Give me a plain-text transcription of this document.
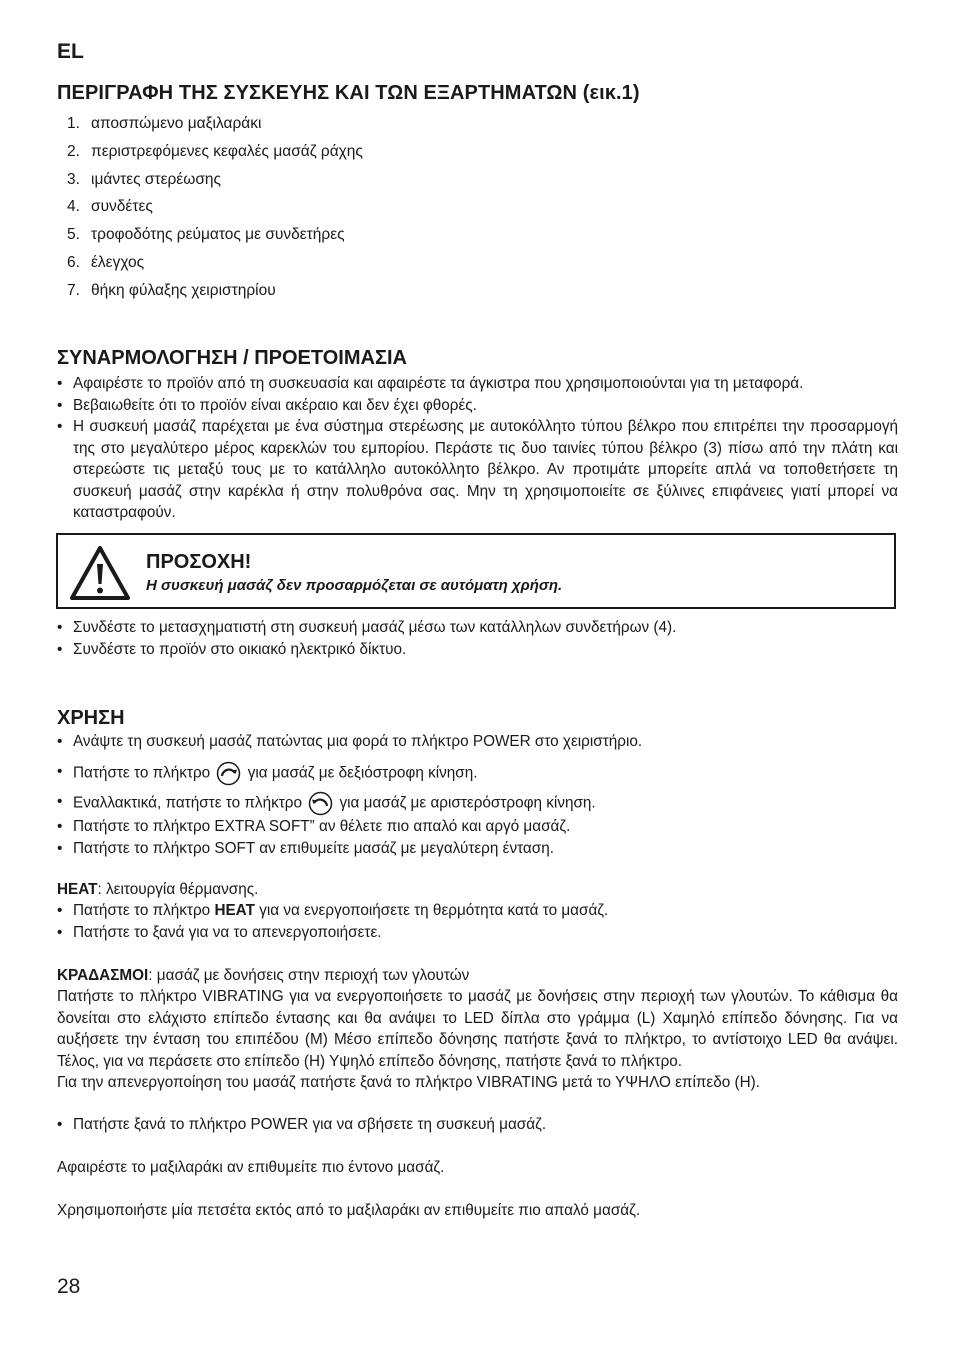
EL
ΠΕΡΙΓΡΑΦΗ ΤΗΣ ΣΥΣΚΕΥΗΣ ΚΑΙ ΤΩΝ ΕΞΑΡΤΗΜΑΤΩΝ (εικ.1)
1. αποσπώμενο μαξιλαράκι
2. περιστρεφόμενες κεφαλές μασάζ ράχης
3. ιμάντες στερέωσης
4. συνδέτες
5. τροφοδότης ρεύματος με συνδετήρες
6. έλεγχος
7. θήκη φύλαξης χειριστηρίου
ΣΥΝΑΡΜΟΛΟΓΗΣΗ / ΠΡΟΕΤΟΙΜΑΣΙΑ
• Αφαιρέστε το προϊόν από τη συσκευασία και αφαιρέστε τα άγκιστρα που χρησιμοποιούνται για τη μεταφορά.
• Βεβαιωθείτε ότι το προϊόν είναι ακέραιο και δεν έχει φθορές.
• Η συσκευή μασάζ παρέχεται με ένα σύστημα στερέωσης με αυτοκόλλητο τύπου βέλκρο που επιτρέπει την προσαρμογή της στο μεγαλύτερο μέρος καρεκλών του εμπορίου. Περάστε τις δυο ταινίες τύπου βέλκρο (3) πίσω από την πλάτη και στερεώστε τις μεταξύ τους με το κατάλληλο αυτοκόλλητο βέλκρο. Αν προτιμάτε μπορείτε απλά να τοποθετήσετε τη συσκευή μασάζ στην καρέκλα ή στην πολυθρόνα σας. Μην τη χρησιμοποιείτε σε ξύλινες επιφάνειες γιατί μπορεί να καταστραφούν.
ΠΡΟΣΟΧΗ!
Η συσκευή μασάζ δεν προσαρμόζεται σε αυτόματη χρήση.
• Συνδέστε το μετασχηματιστή στη συσκευή μασάζ μέσω των κατάλληλων συνδετήρων (4).
• Συνδέστε το προϊόν στο οικιακό ηλεκτρικό δίκτυο.
ΧΡΗΣΗ
• Ανάψτε τη συσκευή μασάζ πατώντας μια φορά το πλήκτρο POWER στο χειριστήριο.
• Πατήστε το πλήκτρο για μασάζ με δεξιόστροφη κίνηση.
• Εναλλακτικά, πατήστε το πλήκτρο για μασάζ με αριστερόστροφη κίνηση.
• Πατήστε το πλήκτρο EXTRA SOFT” αν θέλετε πιο απαλό και αργό μασάζ.
• Πατήστε το πλήκτρο SOFT αν επιθυμείτε μασάζ με μεγαλύτερη ένταση.

HEAT: λειτουργία θέρμανσης.

• Πατήστε το πλήκτρο HEAT για να ενεργοποιήσετε τη θερμότητα κατά το μασάζ.
• Πατήστε το ξανά για να το απενεργοποιήσετε.

ΚΡΑΔΑΣΜΟΙ: μασάζ με δονήσεις στην περιοχή των γλουτών

Πατήστε το πλήκτρο VIBRATING για να ενεργοποιήσετε το μασάζ με δονήσεις στην περιοχή των γλουτών. Το κάθισμα θα δονείται στο ελάχιστο επίπεδο έντασης και θα ανάψει το LED δίπλα στο γράμμα (L) Χαμηλό επίπεδο δόνησης. Για να αυξήσετε την ένταση του επιπέδου (M) Μέσο επίπεδο δόνησης πατήστε ξανά το πλήκτρο, το αντίστοιχο LED θα ανάψει. Τέλος, για να περάσετε στο επίπεδο (H) Υψηλό επίπεδο δόνησης, πατήστε ξανά το πλήκτρο.

Για την απενεργοποίηση του μασάζ πατήστε ξανά το πλήκτρο VIBRATING μετά το ΥΨΗΛΟ επίπεδο (H).

• Πατήστε ξανά το πλήκτρο POWER για να σβήσετε τη συσκευή μασάζ.

Αφαιρέστε το μαξιλαράκι αν επιθυμείτε πιο έντονο μασάζ.

Χρησιμοποιήστε μία πετσέτα εκτός από το μαξιλαράκι αν επιθυμείτε πιο απαλό μασάζ.

28
